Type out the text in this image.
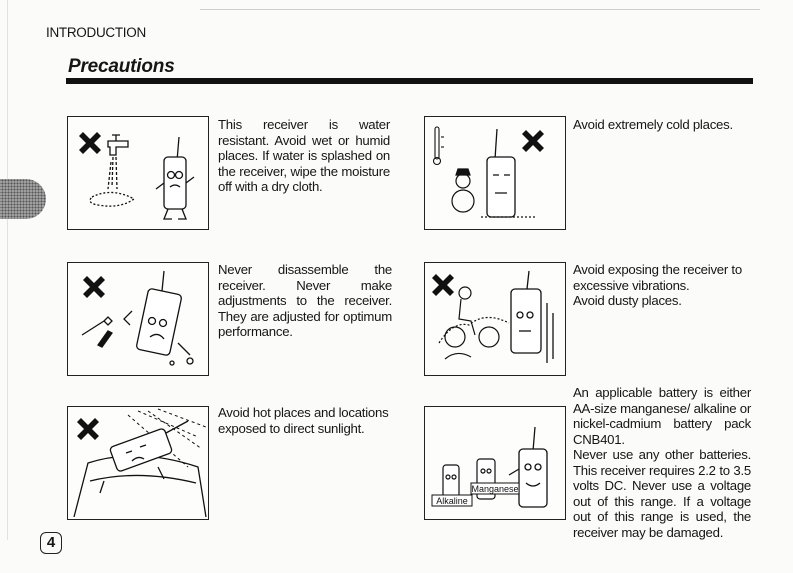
INTRODUCTION
Precautions

This receiver is water resistant. Avoid wet or humid places. If water is splashed on the receiver, wipe the moisture off with a dry cloth.

Avoid extremely cold places.

Never disassemble the receiver. Never make adjustments to the receiver. They are adjusted for optimum performance.

Avoid exposing the receiver to excessive vibrations.

Avoid dusty places.

Avoid hot places and locations exposed to direct sunlight.

Alkaline
Manganese

An applicable battery is either AA-size manganese/ alkaline or nickel-cadmium battery pack CNB401.

Never use any other batteries. This receiver requires 2.2 to 3.5 volts DC. Never use a voltage out of this range. If a voltage out of this range is used, the receiver may be damaged.

4
